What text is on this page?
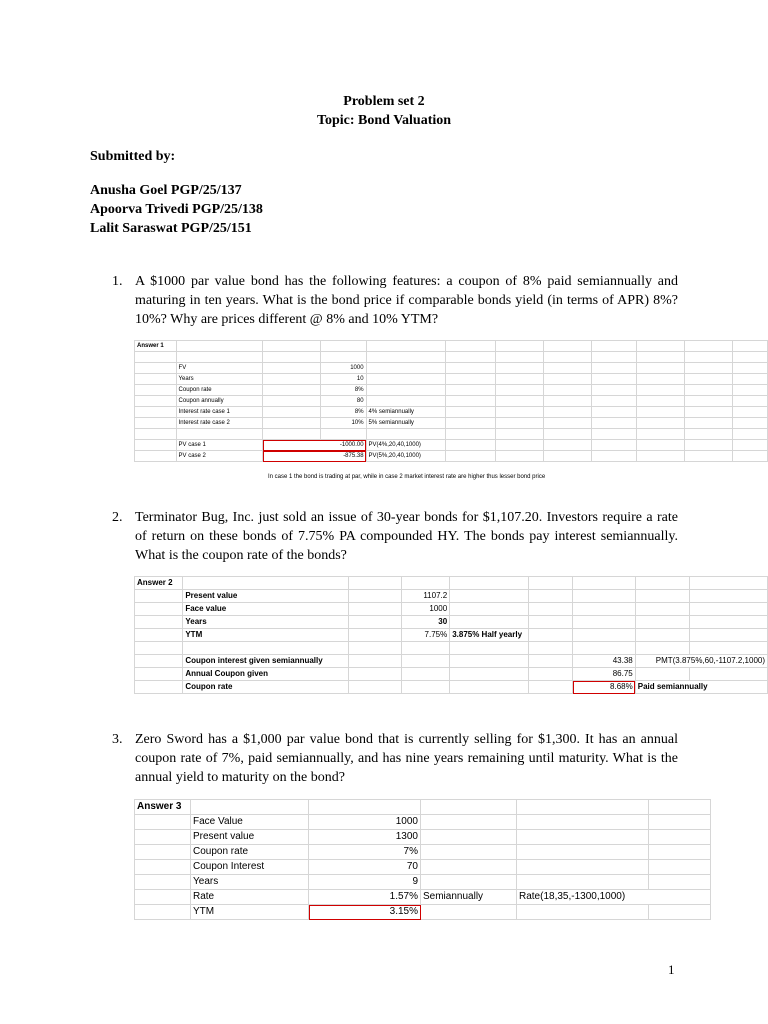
Problem set 2
Topic: Bond Valuation
Submitted by:
Anusha Goel PGP/25/137
Apoorva Trivedi PGP/25/138
Lalit Saraswat PGP/25/151
1. A $1000 par value bond has the following features: a coupon of 8% paid semiannually and maturing in ten years. What is the bond price if comparable bonds yield (in terms of APR) 8%? 10%? Why are prices different @ 8% and 10% YTM?
Answer 1											

	FV		1000								
	Years		10								
	Coupon rate		8%								
	Coupon annually		80								
	Interest rate case 1		8%	4% semiannually							
	Interest rate case 2		10%	5% semiannually							

	PV case 1	-1000.00		PV(4%,20,40,1000)							
	PV case 2	-875.38		PV(5%,20,40,1000)							
In case 1 the bond is trading at par, while in case 2 market interest rate are higher thus lesser bond price
2. Terminator Bug, Inc. just sold an issue of 30-year bonds for $1,107.20. Investors require a rate of return on these bonds of 7.75% PA compounded HY. The bonds pay interest semiannually. What is the coupon rate of the bonds?
Answer 2								
	Present value		1107.2					
	Face value		1000					
	Years		30					
	YTM		7.75%	3.875% Half yearly				

	Coupon interest given semiannually					43.38	PMT(3.875%,60,-1107.2,1000)	
	Annual Coupon given					86.75		
	Coupon rate					8.68%	Paid semiannually	
3. Zero Sword has a $1,000 par value bond that is currently selling for $1,300. It has an annual coupon rate of 7%, paid semiannually, and has nine years remaining until maturity. What is the annual yield to maturity on the bond?
Answer 3					
	Face Value	1000			
	Present value	1300			
	Coupon rate	7%			
	Coupon Interest	70			
	Years	9			
	Rate	1.57%	Semiannually	Rate(18,35,-1300,1000)	
	YTM	3.15%			
1
